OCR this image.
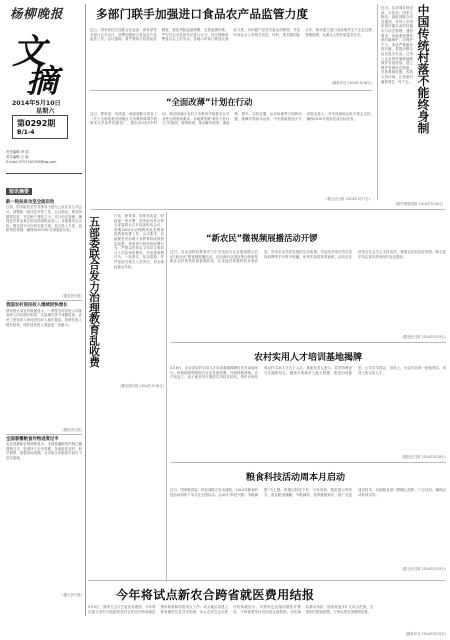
杨柳晚报
文
摘
2014年5月10日
星期六
第0292期
B/1-4
责任编辑:李 国
美术编辑:王 娟
E-mail: 9727163709@qq.com
短讯摘要
新一轮扶贫攻坚全面启动
日前，国务院扶贫开发领导小组办公室在京召开会议，部署新一轮扶贫开发工作。会议指出，要坚持精准扶贫，对贫困户建档立卡，实行动态管理，确保扶贫资金真正用到贫困群众身上。各地要结合实际，制定切实可行的实施方案，加大投入力度，创新帮扶机制，确保到2020年实现脱贫目标。
(据农民日报)
我国农村居民收入继续较快增长
国家统计局发布数据显示，一季度农村居民人均现金收入同比增长明显，实际增长高于城镇居民。农民工资性收入和经营性收入稳步提高，转移性收入增长较快，城乡居民收入差距进一步缩小。
(据经济日报)
全国春播粮食作物进度过半
农业部最新农情调度显示，全国春播粮食作物已播面积过半，进度快于去年同期。各地抢抓农时，科学调度，加强田间管理，为夺取全年粮食丰收打下坚实基础。
(据人民日报)
多部门联手加强进口食品农产品监管力度
近日，国家质检总局联合农业部、商务部等多部门召开会议，部署加强进口食品农产品监管工作。会议强调，要严格执行检验检疫制度，强化风险监测预警，完善追溯体系，严厉打击走私和非法进口行为，切实保障消费者舌尖上的安全。各地口岸部门要加大抽检力度，对问题产品坚决退运或销毁，并及时向社会公布相关信息。同时，要加强国际合作，推动建立进口食品境外生产企业注册管理制度，从源头上把好质量安全关。
(据新华社 2014年5月8日)
近日，住房城乡建设部、文化部、国家文物局、财政部联合印发通知，对列入中国传统村落名录的村落实行动态管理。通知要求，各地要加强传统村落保护，对保护不力、造成严重破坏的村落，将提出警告直至退出名录。已列入名录的村落要编制保护发展规划，建立保护管理信息档案，完善基础设施，改善人居环境，让传统村落留得住、传下去。 中国传统村落不能终身制
(据中国建设报 2014年5月6日)
“全面改薄”计划在行动
近日，教育部、发改委、财政部联合印发了《关于全面改善贫困地区义务教育薄弱学校基本办学条件的意见》，提出用3至5年时间，使贫困地区农村义务教育学校基本办学条件达到底线要求。各地要按照“缺什么补什么”的原则，统筹规划，重点解决校舍、课桌椅、图书、实验仪器、运动场地等方面的问题，保障学校基本运转。中央财政将加大专项资金投入，对中西部地区给予重点支持，确保2018年底前完成目标任务。
(据人民日报 2014年5月7日)
五部委联合发力治理教育乱收费	日前，教育部、国家发改委、财政部、审计署、国务院纠风办等五部委联合召开电视电话会议，部署2014年治理教育乱收费规范教育收费工作。会议要求，各地要坚决治理义务教育阶段择校乱收费，规范高中和高校收费行为，严禁以任何名义向学生收取与入学挂钩的费用。对违规收费行为，一经查实，坚决清退，并严肃追究相关人员责任，切实减轻群众负担。
(据光明日报 2014年5月8日)
“新农民”微视频展播活动开锣
近日，农业部科技教育司与中央电视台农业频道联合启动“新农民”微视频展播活动。活动面向全国征集反映新型职业农民风采的微视频作品，记录他们依靠科技发家致富、带动乡亲共同发展的生动故事。作品经评审后将在电视和网络平台集中展播，优秀作品将获得表彰。活动旨在营造全社会关心支持农民、尊重农民的良好氛围，吸引更多有志青年投身现代农业建设。
(据农民日报 2014年5月9日)
农村实用人才培训基地揭牌
5月6日，农业部农村实用人才培训基地揭牌仪式在某地举行。该基地将围绕现代农业发展需要，开展种植养殖、农产品加工、电子商务等方面的实用技术培训，每年计划培训农村实用人才五千人次。基地负责人表示，将坚持理论与实践相结合，邀请专家和乡土能人授课，建设田间课堂，让学员学得会、用得上，为农村培养一批留得住、用得上的实用人才。
(据经济日报 2014年5月8日)
粮食科技活动周本月启动
近日，国家粮食局、科技部联合发出通知，2014年粮食科技活动周将于本月在全国启动。活动以“科技兴粮、节粮减损”为主题，将通过科技下乡、专家咨询、展览展示等形式，普及粮食储藏、节粮减损、营养健康知识，推广先进适用技术。各地粮食部门要精心组织，广泛动员，确保活动取得实效。
(据人民日报 2014年5月9日)
今年将试点新农合跨省就医费用结报
5月4日，国家卫生计生委发布通知，今年将在部分省份开展新型农村合作医疗跨省就医费用核查和结报试点工作。试点地区将建立跨省就医信息共享机制，参合农民在定点医疗机构就医后，可按规定直接结算医疗费用，不再需要垫付后回参合地报销，切实减轻群众负担。国家将逐步扩大试点范围，完善相关配套政策，力争实现全国联网结算。
(据新华社 2014年5月5日)
